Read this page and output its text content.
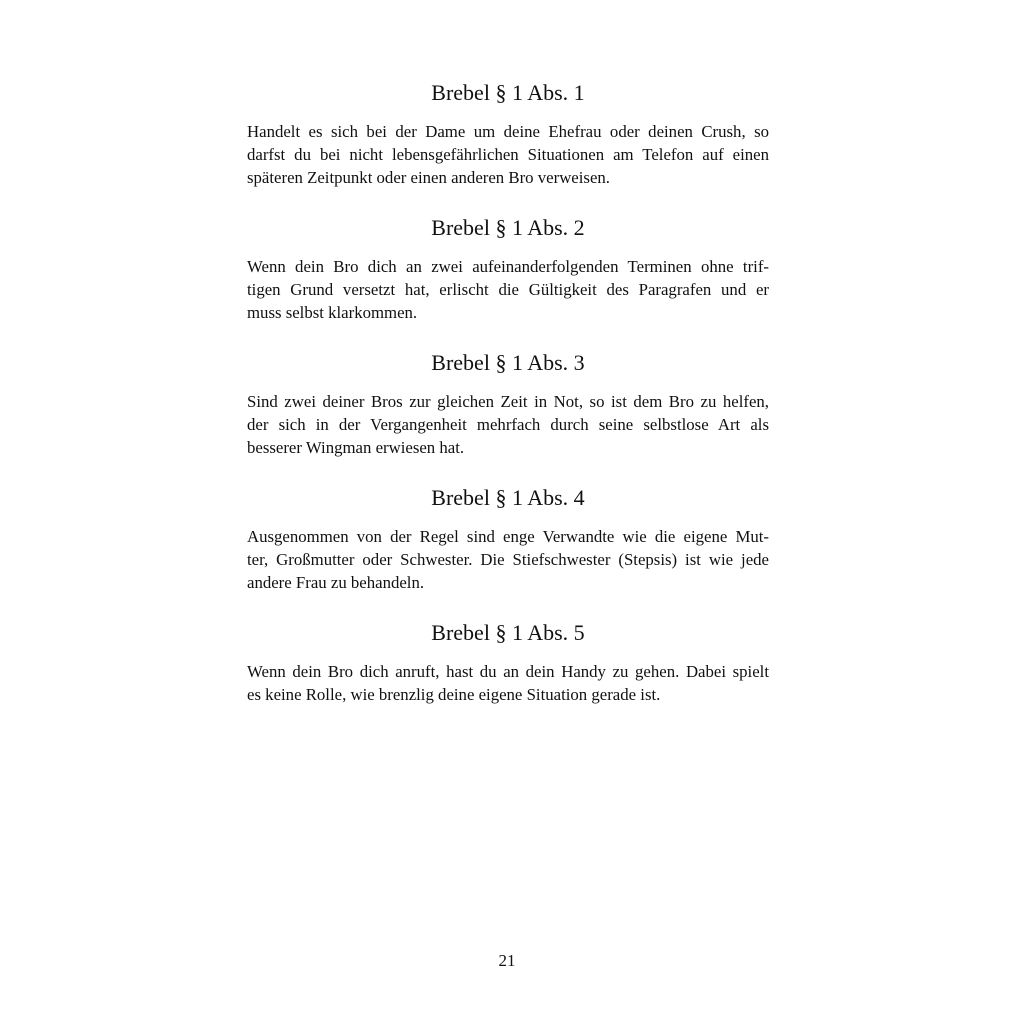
Brebel § 1 Abs. 1

Handelt es sich bei der Dame um deine Ehefrau oder deinen Crush, so
darfst du bei nicht lebensgefährlichen Situationen am Telefon auf einen
späteren Zeitpunkt oder einen anderen Bro verweisen.

Brebel § 1 Abs. 2

Wenn dein Bro dich an zwei aufeinanderfolgenden Terminen ohne trif-
tigen Grund versetzt hat, erlischt die Gültigkeit des Paragrafen und er
muss selbst klarkommen.

Brebel § 1 Abs. 3

Sind zwei deiner Bros zur gleichen Zeit in Not, so ist dem Bro zu helfen,
der sich in der Vergangenheit mehrfach durch seine selbstlose Art als
besserer Wingman erwiesen hat.

Brebel § 1 Abs. 4

Ausgenommen von der Regel sind enge Verwandte wie die eigene Mut-
ter, Großmutter oder Schwester. Die Stiefschwester (Stepsis) ist wie jede
andere Frau zu behandeln.

Brebel § 1 Abs. 5

Wenn dein Bro dich anruft, hast du an dein Handy zu gehen. Dabei spielt
es keine Rolle, wie brenzlig deine eigene Situation gerade ist.

21
